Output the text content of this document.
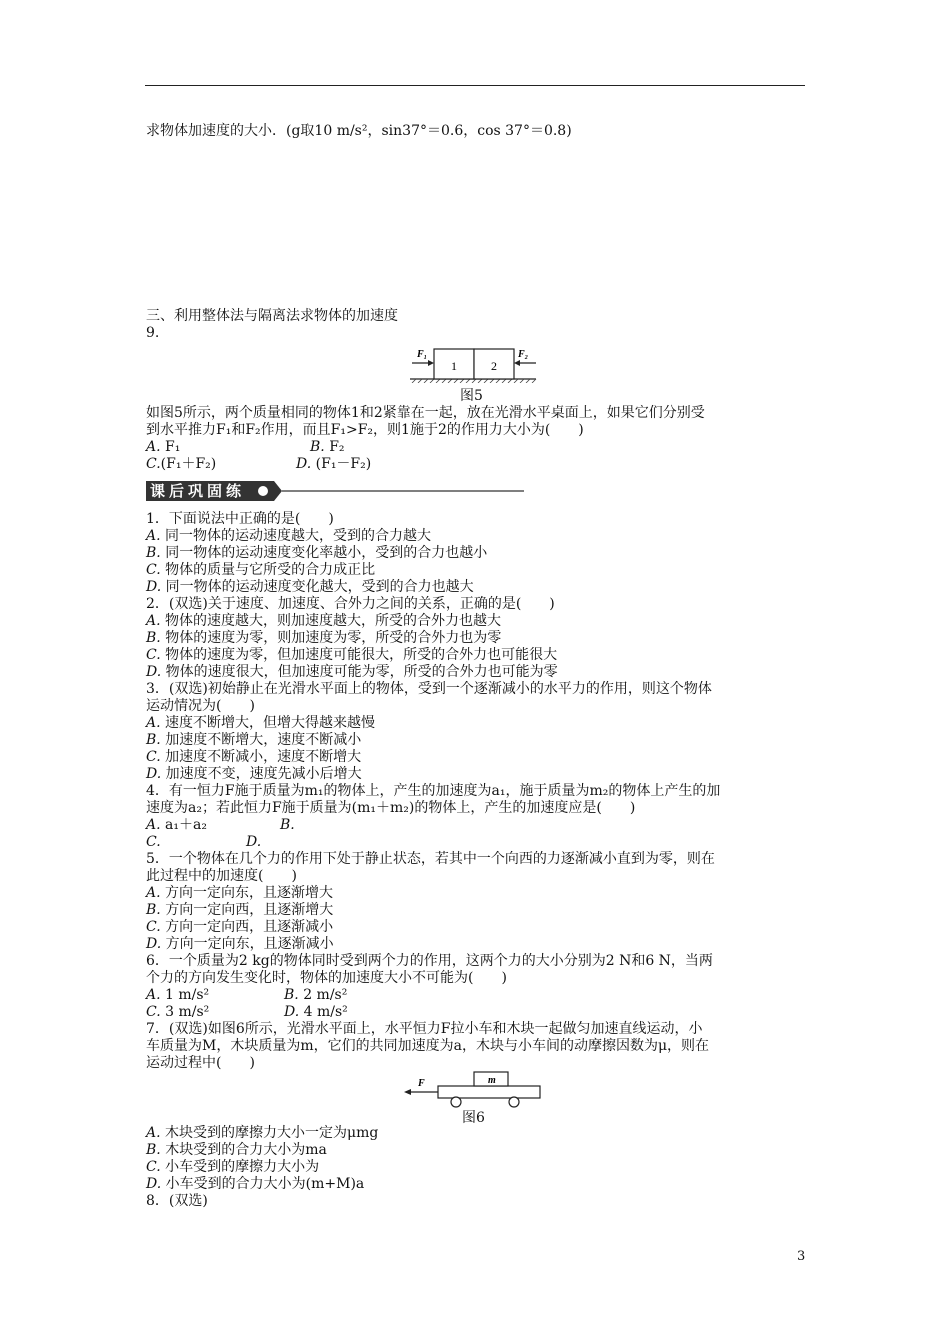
求物体加速度的大小．(g取10 m/s²，sin37°＝0.6，cos 37°＝0.8)
三、利用整体法与隔离法求物体的加速度
9.
1	2
F₁	F₂
图5
如图5所示，两个质量相同的物体1和2紧靠在一起，放在光滑水平桌面上，如果它们分别受
到水平推力F₁和F₂作用，而且F₁>F₂，则1施于2的作用力大小为(　　)
A. F₁	B. F₂
C.(F₁＋F₂)	D. (F₁－F₂)
课后巩固练
1．下面说法中正确的是(　　)
A. 同一物体的运动速度越大，受到的合力越大
B. 同一物体的运动速度变化率越小，受到的合力也越小
C. 物体的质量与它所受的合力成正比
D. 同一物体的运动速度变化越大，受到的合力也越大
2．(双选)关于速度、加速度、合外力之间的关系，正确的是(　　)
A. 物体的速度越大，则加速度越大，所受的合外力也越大
B. 物体的速度为零，则加速度为零，所受的合外力也为零
C. 物体的速度为零，但加速度可能很大，所受的合外力也可能很大
D. 物体的速度很大，但加速度可能为零，所受的合外力也可能为零
3．(双选)初始静止在光滑水平面上的物体，受到一个逐渐减小的水平力的作用，则这个物体
运动情况为(　　)
A. 速度不断增大，但增大得越来越慢
B. 加速度不断增大，速度不断减小
C. 加速度不断减小，速度不断增大
D. 加速度不变，速度先减小后增大
4．有一恒力F施于质量为m₁的物体上，产生的加速度为a₁，施于质量为m₂的物体上产生的加
速度为a₂；若此恒力F施于质量为(m₁＋m₂)的物体上，产生的加速度应是(　　)
A. a₁＋a₂	B.
C.	D.
5．一个物体在几个力的作用下处于静止状态，若其中一个向西的力逐渐减小直到为零，则在
此过程中的加速度(　　)
A. 方向一定向东，且逐渐增大
B. 方向一定向西，且逐渐增大
C. 方向一定向西，且逐渐减小
D. 方向一定向东，且逐渐减小
6．一个质量为2 kg的物体同时受到两个力的作用，这两个力的大小分别为2 N和6 N，当两
个力的方向发生变化时，物体的加速度大小不可能为(　　)
A. 1 m/s²	B. 2 m/s²
C. 3 m/s²	D. 4 m/s²
7．(双选)如图6所示，光滑水平面上，水平恒力F拉小车和木块一起做匀加速直线运动，小
车质量为M，木块质量为m，它们的共同加速度为a，木块与小车间的动摩擦因数为μ，则在
运动过程中(　　)
F	m
图6
A. 木块受到的摩擦力大小一定为μmg
B. 木块受到的合力大小为ma
C. 小车受到的摩擦力大小为
D. 小车受到的合力大小为(m+M)a
8．(双选)
3
